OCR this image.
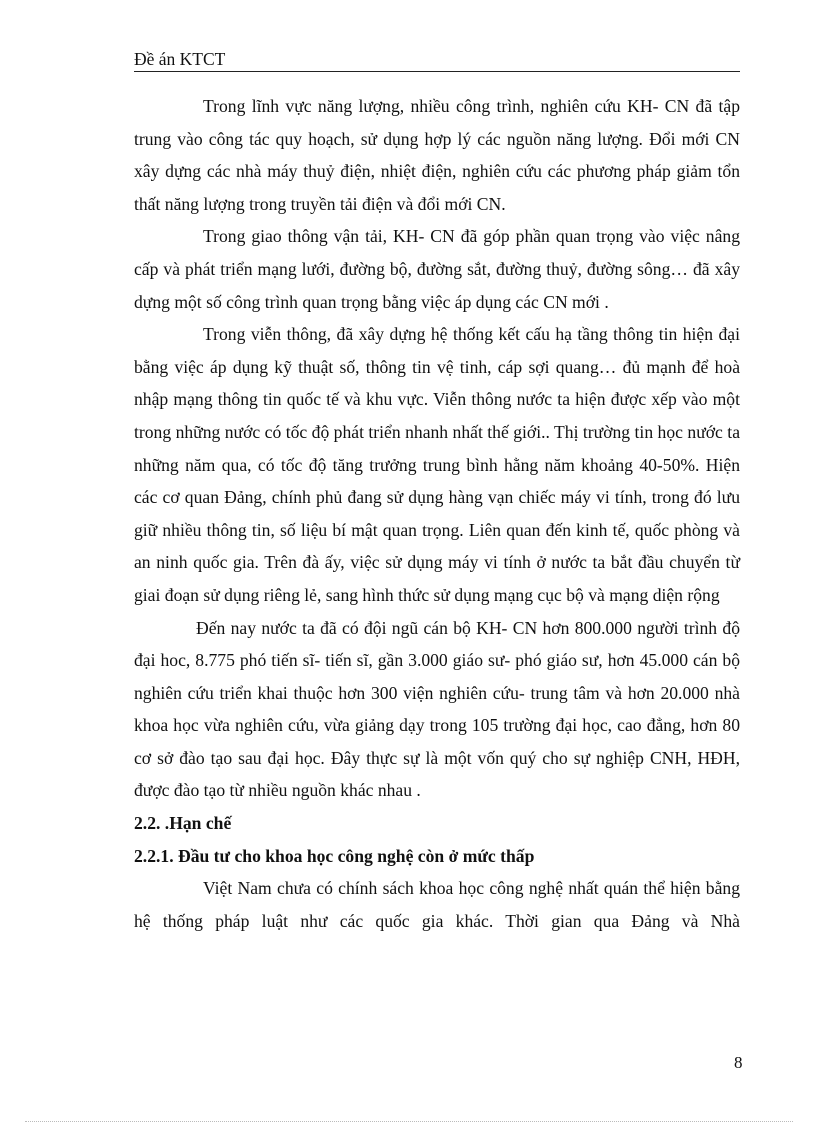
Đề án KTCT

Trong lĩnh vực năng lượng, nhiều công trình, nghiên cứu KH- CN đã tập trung vào công tác quy hoạch, sử dụng hợp lý các nguồn năng lượng. Đổi mới CN xây dựng các nhà máy thuỷ điện, nhiệt điện, nghiên cứu các phương pháp giảm tổn thất năng lượng trong truyền tải điện và đổi mới CN.

Trong giao thông vận tải, KH- CN đã góp phần quan trọng vào việc nâng cấp và phát triển mạng lưới, đường bộ, đường sắt, đường thuỷ, đường sông… đã xây dựng một số công trình quan trọng bằng việc áp dụng các CN mới .

Trong viễn thông, đã xây dựng hệ thống kết cấu hạ tầng thông tin hiện đại bằng việc áp dụng kỹ thuật số, thông tin vệ tinh, cáp sợi quang… đủ mạnh để hoà nhập mạng thông tin quốc tế và khu vực. Viễn thông nước ta hiện được xếp vào một trong những nước có tốc độ phát triển nhanh nhất thế giới.. Thị trường tin học nước ta những năm qua, có tốc độ tăng trưởng trung bình hằng năm khoảng 40-50%. Hiện các cơ quan Đảng, chính phủ đang sử dụng hàng vạn chiếc máy vi tính, trong đó lưu giữ nhiều thông tin, số liệu bí mật quan trọng. Liên quan đến kinh tế, quốc phòng và an ninh quốc gia. Trên đà ấy, việc sử dụng máy vi tính ở nước ta bắt đầu chuyển từ giai đoạn sử dụng riêng lẻ, sang hình thức sử dụng mạng cục bộ và mạng diện rộng

Đến nay nước ta đã có đội ngũ cán bộ KH- CN hơn 800.000 người trình độ đại hoc, 8.775 phó tiến sĩ- tiến sĩ, gần 3.000 giáo sư- phó giáo sư, hơn 45.000 cán bộ nghiên cứu triển khai thuộc hơn 300 viện nghiên cứu- trung tâm và hơn 20.000 nhà khoa học vừa nghiên cứu, vừa giảng dạy trong 105 trường đại học, cao đẳng, hơn 80 cơ sở đào tạo sau đại học. Đây thực sự là một vốn quý cho sự nghiệp CNH, HĐH, được đào tạo từ nhiều nguồn khác nhau .

2.2. .Hạn chế
2.2.1. Đầu tư cho khoa học công nghệ còn ở mức thấp

Việt Nam chưa có chính sách khoa học công nghệ nhất quán thể hiện bằng hệ thống pháp luật như các quốc gia khác. Thời gian qua Đảng và Nhà

8
